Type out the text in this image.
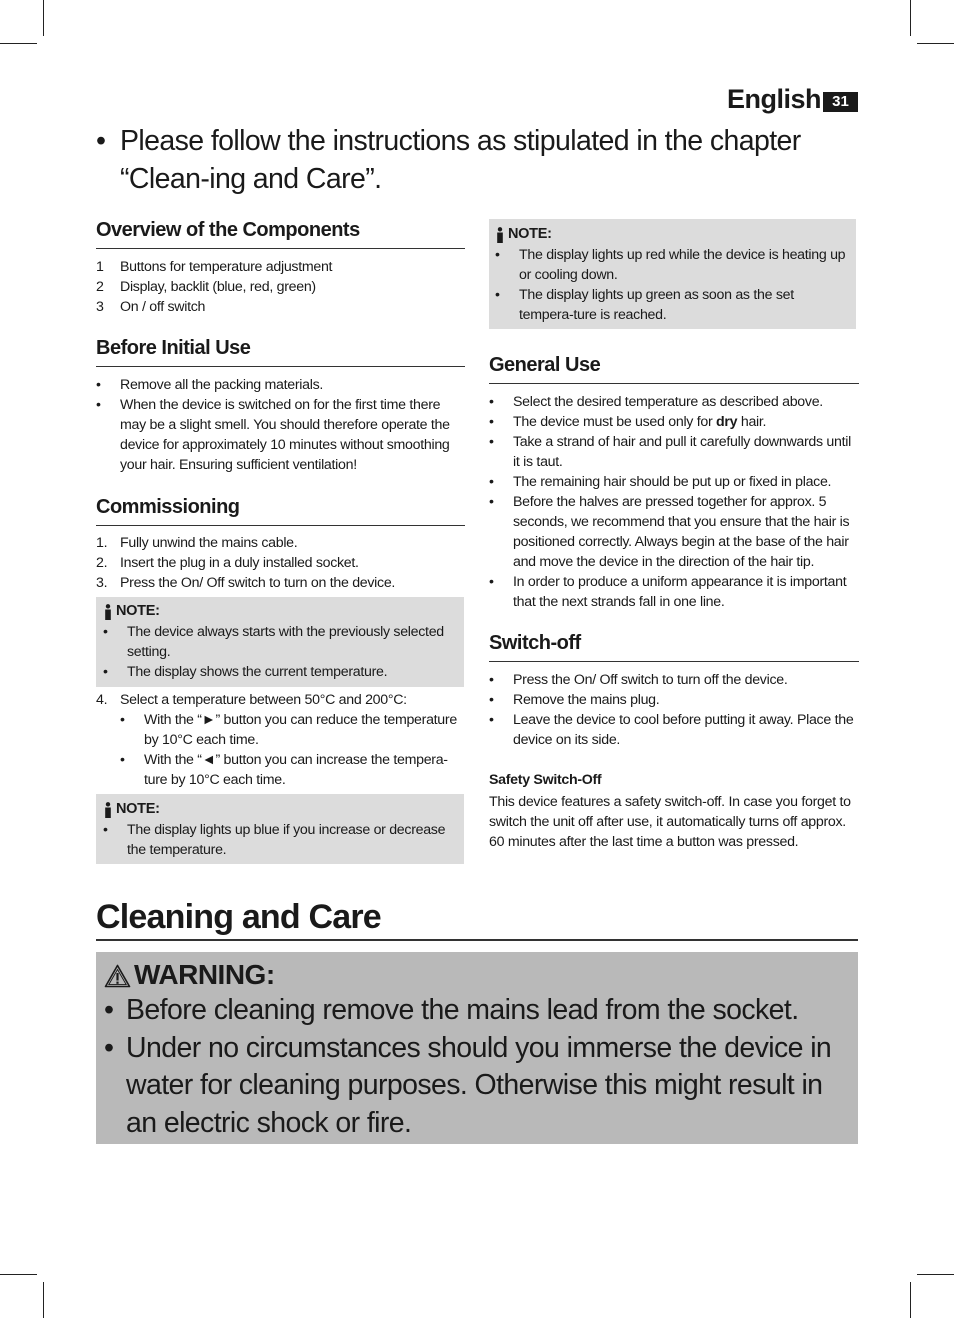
English 31
• Please follow the instructions as stipulated in the chapter “Clean-ing and Care”.
Overview of the Components
1 Buttons for temperature adjustment
2 Display, backlit (blue, red, green)
3 On / off switch
Before Initial Use
• Remove all the packing materials.
• When the device is switched on for the first time there may be a slight smell. You should therefore operate the device for approximately 10 minutes without smoothing your hair. Ensuring sufficient ventilation!
Commissioning
1. Fully unwind the mains cable.
2. Insert the plug in a duly installed socket.
3. Press the On/ Off switch to turn on the device.
NOTE:
• The device always starts with the previously selected setting.
• The display shows the current temperature.
4. Select a temperature between 50°C and 200°C:
• With the “►” button you can reduce the temperature by 10°C each time.
• With the “◄” button you can increase the tempera-ture by 10°C each time.
NOTE:
• The display lights up blue if you increase or decrease the temperature.
NOTE:
• The display lights up red while the device is heating up or cooling down.
• The display lights up green as soon as the set tempera-ture is reached.
General Use
• Select the desired temperature as described above.
• The device must be used only for dry hair.
• Take a strand of hair and pull it carefully downwards until it is taut.
• The remaining hair should be put up or fixed in place.
• Before the halves are pressed together for approx. 5 seconds, we recommend that you ensure that the hair is positioned correctly. Always begin at the base of the hair and move the device in the direction of the hair tip.
• In order to produce a uniform appearance it is important that the next strands fall in one line.
Switch-off
• Press the On/ Off switch to turn off the device.
• Remove the mains plug.
• Leave the device to cool before putting it away. Place the device on its side.
Safety Switch-Off
This device features a safety switch-off. In case you forget to switch the unit off after use, it automatically turns off approx. 60 minutes after the last time a button was pressed.
Cleaning and Care
WARNING:
• Before cleaning remove the mains lead from the socket.
• Under no circumstances should you immerse the device in water for cleaning purposes. Otherwise this might result in an electric shock or fire.
